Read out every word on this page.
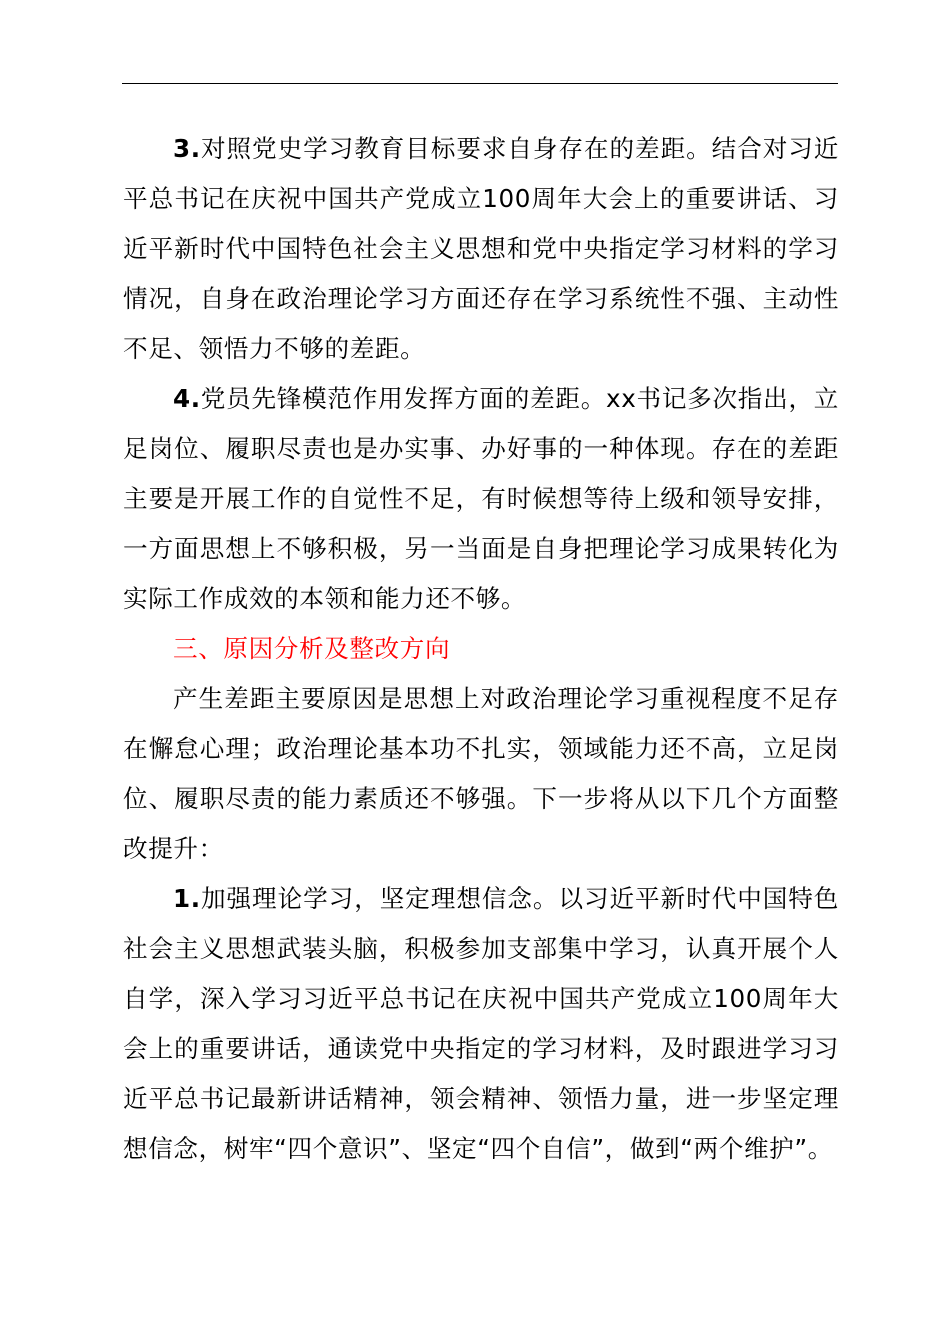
3.对照党史学习教育目标要求自身存在的差距。结合对习近平总书记在庆祝中国共产党成立100周年大会上的重要讲话、习近平新时代中国特色社会主义思想和党中央指定学习材料的学习情况，自身在政治理论学习方面还存在学习系统性不强、主动性不足、领悟力不够的差距。

4.党员先锋模范作用发挥方面的差距。xx书记多次指出，立足岗位、履职尽责也是办实事、办好事的一种体现。存在的差距主要是开展工作的自觉性不足，有时候想等待上级和领导安排，一方面思想上不够积极，另一当面是自身把理论学习成果转化为实际工作成效的本领和能力还不够。

三、原因分析及整改方向

产生差距主要原因是思想上对政治理论学习重视程度不足存在懈怠心理；政治理论基本功不扎实，领域能力还不高，立足岗位、履职尽责的能力素质还不够强。下一步将从以下几个方面整改提升：

1.加强理论学习，坚定理想信念。以习近平新时代中国特色社会主义思想武装头脑，积极参加支部集中学习，认真开展个人自学，深入学习习近平总书记在庆祝中国共产党成立100周年大会上的重要讲话，通读党中央指定的学习材料，及时跟进学习习近平总书记最新讲话精神，领会精神、领悟力量，进一步坚定理想信念，树牢“四个意识”、坚定“四个自信”，做到“两个维护”。
